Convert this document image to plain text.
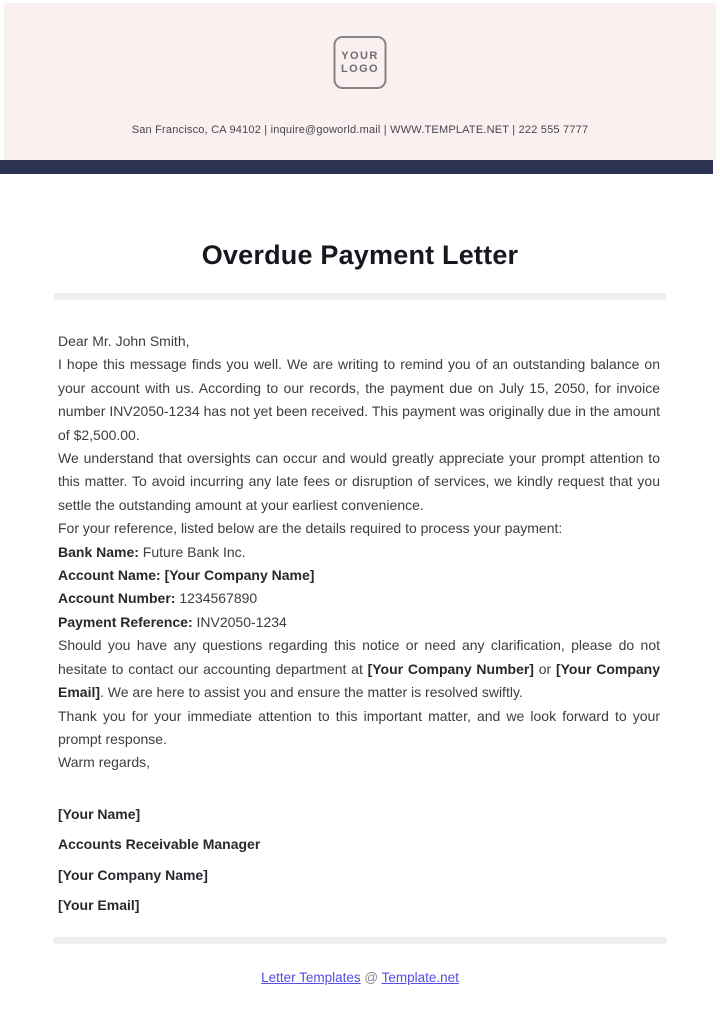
YOUR
LOGO
San Francisco, CA 94102 | inquire@goworld.mail | WWW.TEMPLATE.NET | 222 555 7777
Overdue Payment Letter

Dear Mr. John Smith,

I hope this message finds you well. We are writing to remind you of an outstanding balance on your account with us. According to our records, the payment due on July 15, 2050, for invoice number INV2050-1234 has not yet been received. This payment was originally due in the amount of $2,500.00.

We understand that oversights can occur and would greatly appreciate your prompt attention to this matter. To avoid incurring any late fees or disruption of services, we kindly request that you settle the outstanding amount at your earliest convenience.

For your reference, listed below are the details required to process your payment:

Bank Name: Future Bank Inc.

Account Name: [Your Company Name]

Account Number: 1234567890

Payment Reference: INV2050-1234

Should you have any questions regarding this notice or need any clarification, please do not hesitate to contact our accounting department at [Your Company Number] or [Your Company Email]. We are here to assist you and ensure the matter is resolved swiftly.

Thank you for your immediate attention to this important matter, and we look forward to your prompt response.

Warm regards,

[Your Name]

Accounts Receivable Manager

[Your Company Name]

[Your Email]

Letter Templates @ Template.net
